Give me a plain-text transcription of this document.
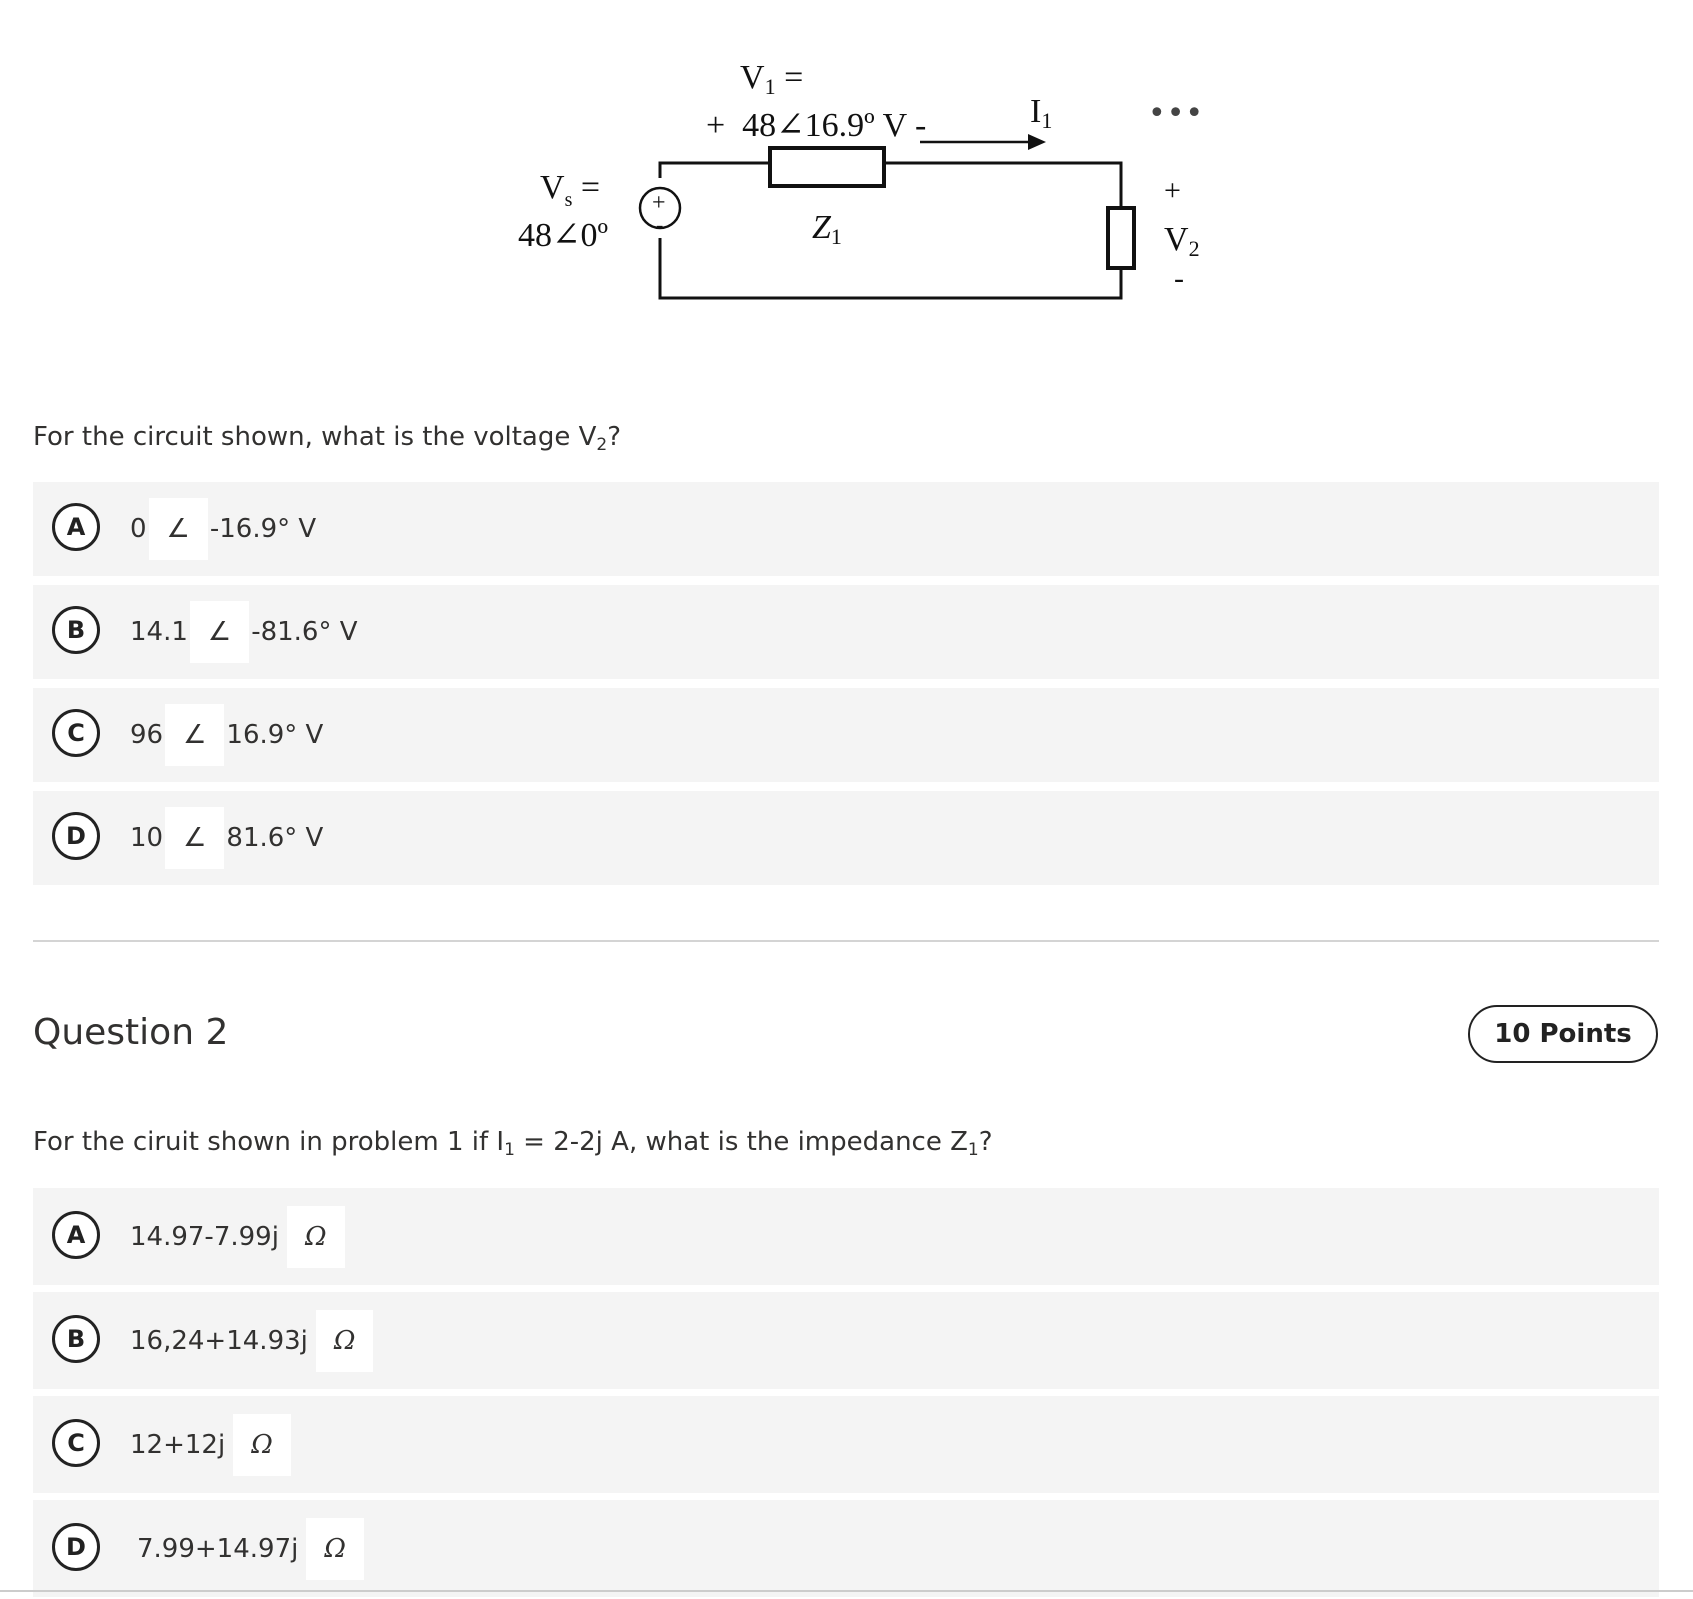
+
-
V1 =
+  48∠16.9º V -	I1
$V_s$ =
48∠0º	Z1
+
V2
-
•••
For the circuit shown, what is the voltage $V_2$?
A	0 ∠ -16.9° V
B	14.1 ∠ -81.6° V
C	96 ∠ 16.9° V
D	10 ∠ 81.6° V
Question 2	10 Points
For the ciruit shown in problem 1 if $I_1 = 2-2j$ A, what is the impedance $Z_1$?
A	14.97-7.99j	Ω
B	16,24+14.93j	Ω
C	12+12j	Ω
D	7.99+14.97j	Ω
